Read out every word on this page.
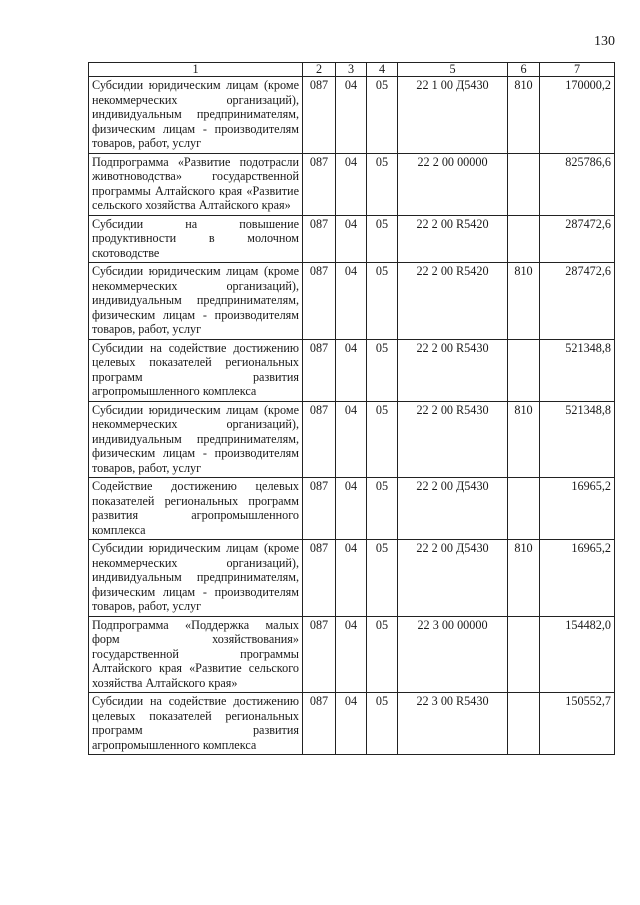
130
1	2	3	4	5	6	7
Субсидии юридическим лицам (кроме некоммерческих организаций), индивидуальным предпринимателям, физическим лицам - производителям товаров, работ, услуг	087	04	05	22 1 00 Д5430	810	170000,2
Подпрограмма «Развитие подотрасли животноводства» государственной программы Алтайского края «Развитие сельского хозяйства Алтайского края»	087	04	05	22 2 00 00000		825786,6
Субсидии на повышение продуктивности в молочном скотоводстве	087	04	05	22 2 00 R5420		287472,6
Субсидии юридическим лицам (кроме некоммерческих организаций), индивидуальным предпринимателям, физическим лицам - производителям товаров, работ, услуг	087	04	05	22 2 00 R5420	810	287472,6
Субсидии на содействие достижению целевых показателей региональных программ развития агропромышленного комплекса	087	04	05	22 2 00 R5430		521348,8
Субсидии юридическим лицам (кроме некоммерческих организаций), индивидуальным предпринимателям, физическим лицам - производителям товаров, работ, услуг	087	04	05	22 2 00 R5430	810	521348,8
Содействие достижению целевых показателей региональных программ развития агропромышленного комплекса	087	04	05	22 2 00 Д5430		16965,2
Субсидии юридическим лицам (кроме некоммерческих организаций), индивидуальным предпринимателям, физическим лицам - производителям товаров, работ, услуг	087	04	05	22 2 00 Д5430	810	16965,2
Подпрограмма «Поддержка малых форм хозяйствования» государственной программы Алтайского края «Развитие сельского хозяйства Алтайского края»	087	04	05	22 3 00 00000		154482,0
Субсидии на содействие достижению целевых показателей региональных программ развития агропромышленного комплекса	087	04	05	22 3 00 R5430		150552,7
